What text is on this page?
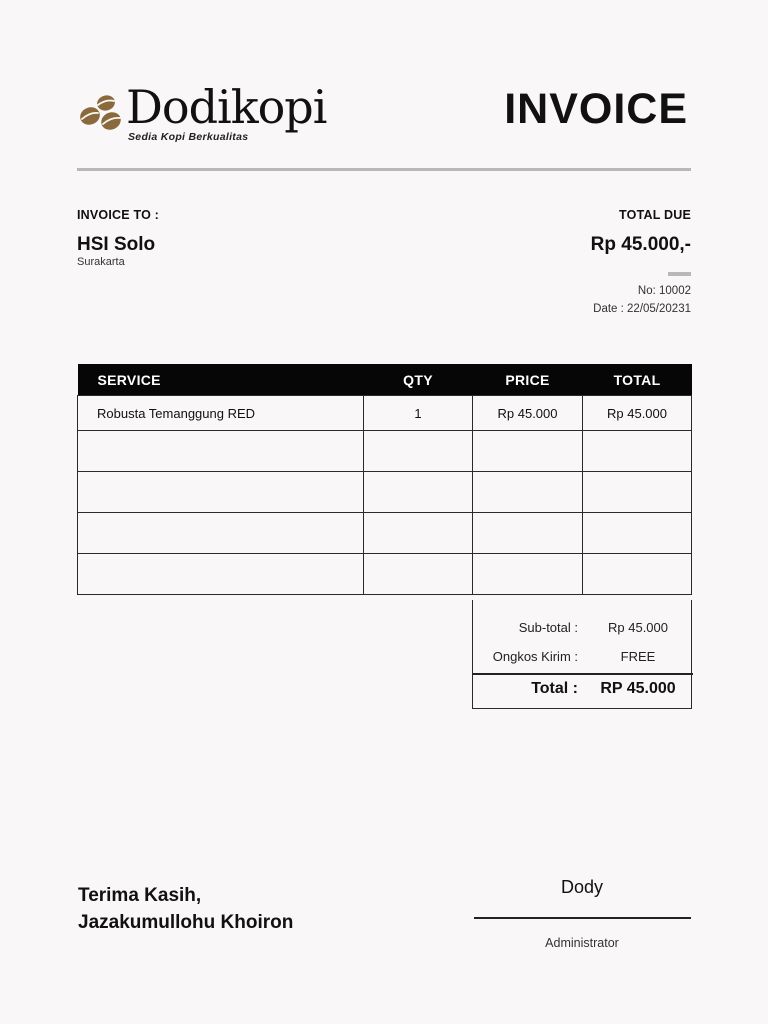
Dodikopi
Sedia Kopi Berkualitas
INVOICE
INVOICE TO :	TOTAL DUE
HSI Solo
Surakarta
Rp 45.000,-
No: 10002
Date : 22/05/20231
SERVICE	QTY	PRICE	TOTAL
Robusta Temanggung RED	1	Rp 45.000	Rp 45.000

Sub-total :	Rp 45.000
Ongkos Kirim :	FREE
Total :	RP 45.000
Terima Kasih,
Jazakumullohu Khoiron
Dody
Administrator
